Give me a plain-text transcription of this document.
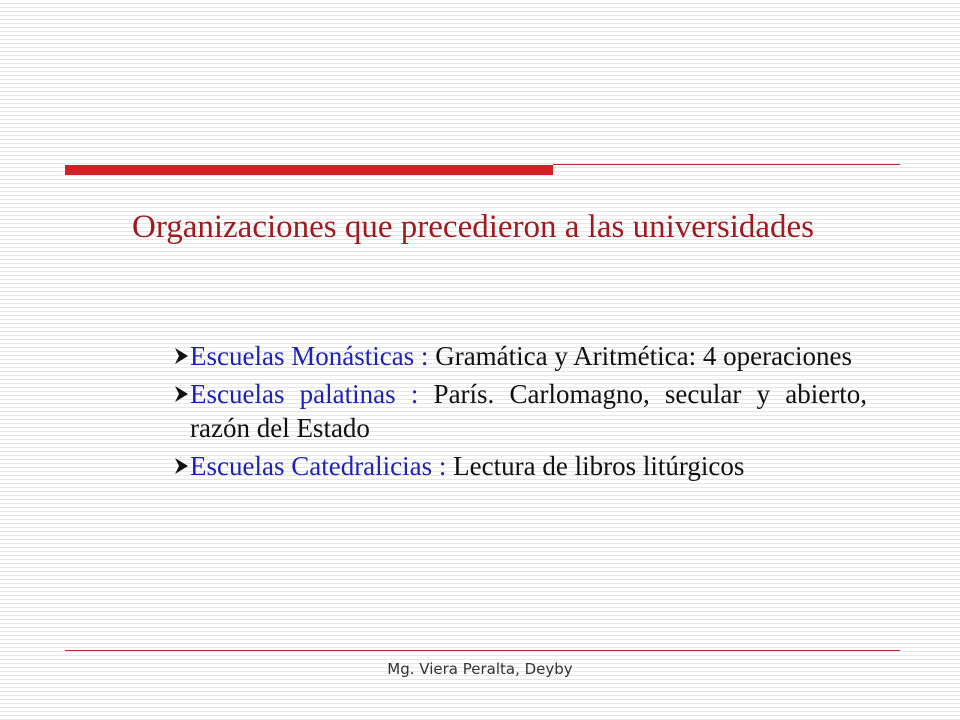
Organizaciones que precedieron a las universidades
Escuelas Monásticas : Gramática y Aritmética: 4 operaciones
Escuelas palatinas : París. Carlomagno, secular y abierto, razón del Estado
Escuelas Catedralicias : Lectura de libros litúrgicos
Mg. Viera Peralta, Deyby
